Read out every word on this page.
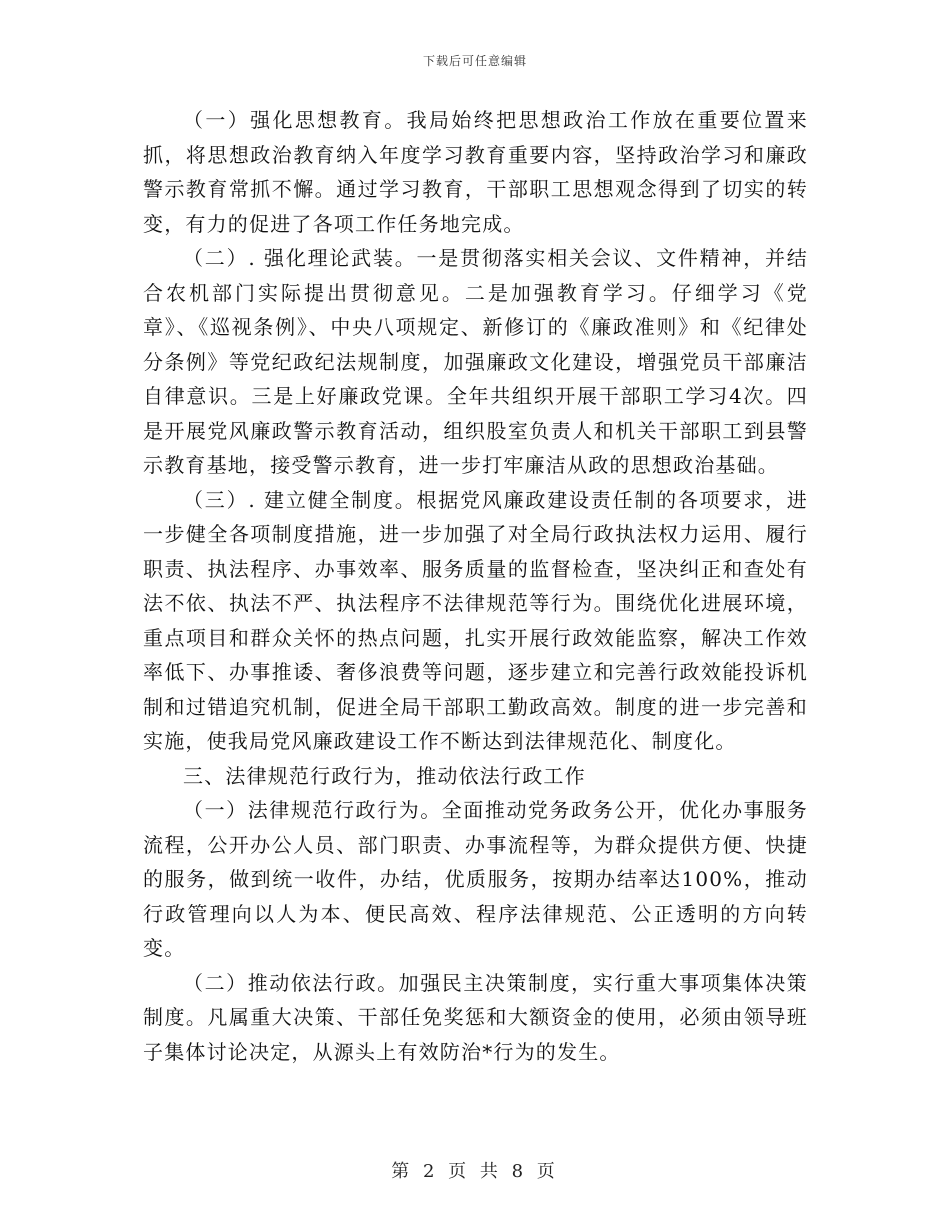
下载后可任意编辑

（一）强化思想教育。我局始终把思想政治工作放在重要位置来抓，将思想政治教育纳入年度学习教育重要内容，坚持政治学习和廉政警示教育常抓不懈。通过学习教育，干部职工思想观念得到了切实的转变，有力的促进了各项工作任务地完成。

（二）. 强化理论武装。一是贯彻落实相关会议、文件精神，并结合农机部门实际提出贯彻意见。二是加强教育学习。仔细学习《党章》、《巡视条例》、中央八项规定、新修订的《廉政准则》和《纪律处分条例》等党纪政纪法规制度，加强廉政文化建设，增强党员干部廉洁自律意识。三是上好廉政党课。全年共组织开展干部职工学习4次。四是开展党风廉政警示教育活动，组织股室负责人和机关干部职工到县警示教育基地，接受警示教育，进一步打牢廉洁从政的思想政治基础。

（三）. 建立健全制度。根据党风廉政建设责任制的各项要求，进一步健全各项制度措施，进一步加强了对全局行政执法权力运用、履行职责、执法程序、办事效率、服务质量的监督检查，坚决纠正和查处有法不依、执法不严、执法程序不法律规范等行为。围绕优化进展环境，重点项目和群众关怀的热点问题，扎实开展行政效能监察，解决工作效率低下、办事推诿、奢侈浪费等问题，逐步建立和完善行政效能投诉机制和过错追究机制，促进全局干部职工勤政高效。制度的进一步完善和实施，使我局党风廉政建设工作不断达到法律规范化、制度化。

三、法律规范行政行为，推动依法行政工作

（一）法律规范行政行为。全面推动党务政务公开，优化办事服务流程，公开办公人员、部门职责、办事流程等，为群众提供方便、快捷的服务，做到统一收件，办结，优质服务，按期办结率达100%，推动行政管理向以人为本、便民高效、程序法律规范、公正透明的方向转变。

（二）推动依法行政。加强民主决策制度，实行重大事项集体决策制度。凡属重大决策、干部任免奖惩和大额资金的使用，必须由领导班子集体讨论决定，从源头上有效防治*行为的发生。

第 2 页 共 8 页
